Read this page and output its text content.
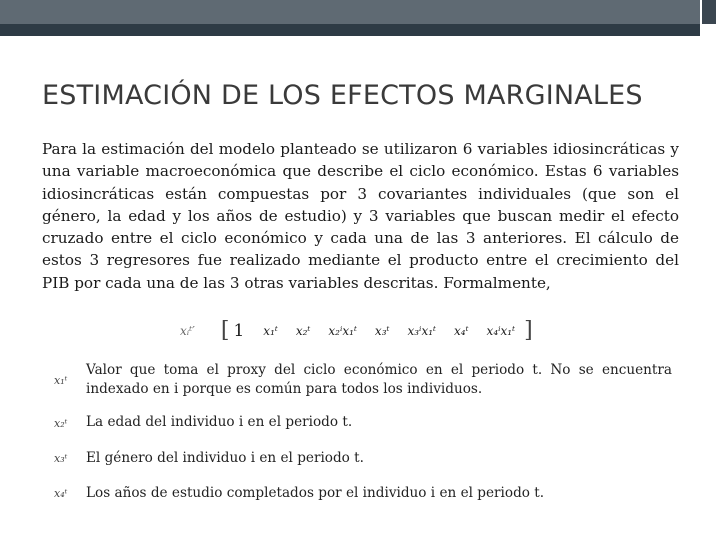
ESTIMACIÓN DE LOS EFECTOS MARGINALES

Para la estimación del modelo planteado se utilizaron 6 variables idiosincráticas y una variable macroeconómica que describe el ciclo económico. Estas 6 variables idiosincráticas están compuestas por 3 covariantes individuales (que son el género, la edad y los años de estudio) y 3 variables que buscan medir el efecto cruzado entre el ciclo económico y cada una de las 3 anteriores. El cálculo de estos 3 regresores fue realizado mediante el producto entre el crecimiento del PIB por cada una de las 3 otras variables descritas. Formalmente,

xᵢᵗ′ [ 1 x₁ᵗ x₂ᵗ x₂ⁱx₁ᵗ x₃ᵗ x₃ⁱx₁ᵗ x₄ᵗ x₄ⁱx₁ᵗ ]
x₁ᵗ

Valor que toma el proxy del ciclo económico en el periodo t. No se encuentra indexado en i porque es común para todos los individuos.

x₂ᵗ La edad del individuo i en el periodo t.

x₃ᵗ El género del individuo i en el periodo t.

x₄ᵗ Los años de estudio completados por el individuo i en el periodo t.
